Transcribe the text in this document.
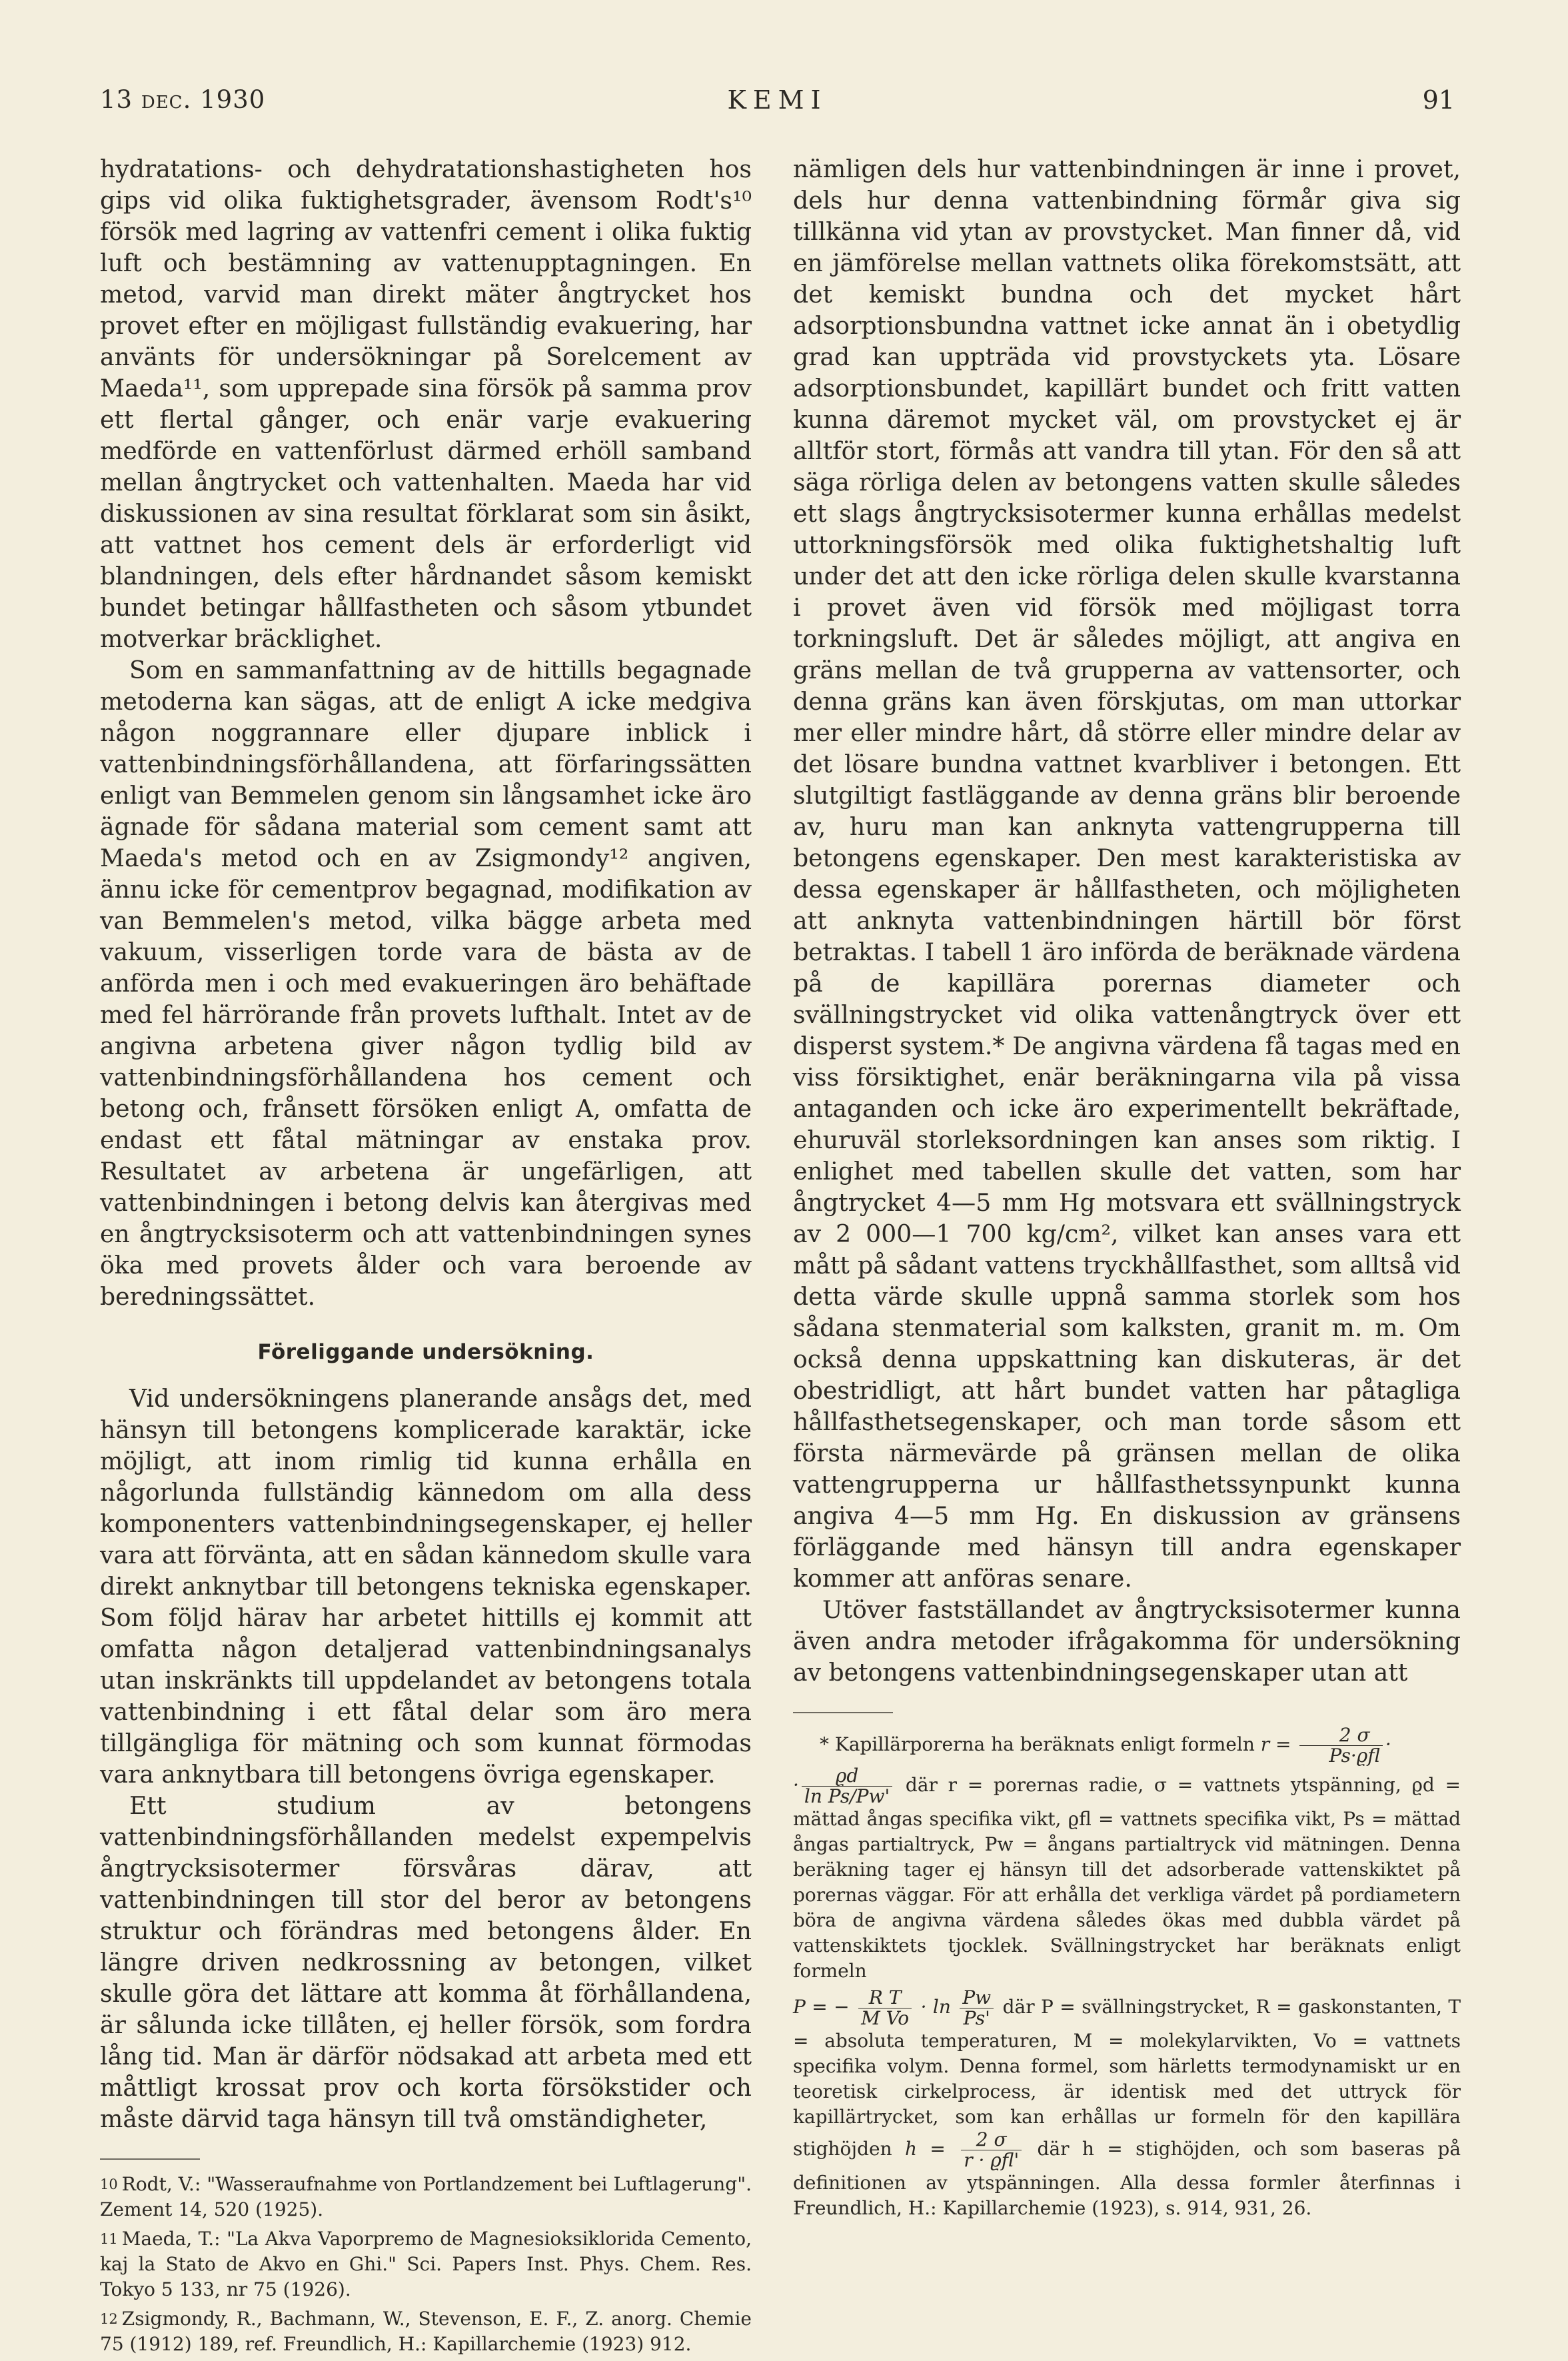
13 dec. 1930	KEMI	91

hydratations- och dehydratationshastigheten hos gips vid olika fuktighetsgrader, ävensom Rodt's¹⁰ försök med lagring av vattenfri cement i olika fuktig luft och bestämning av vattenupptagningen. En metod, varvid man direkt mäter ångtrycket hos provet efter en möjligast fullständig evakuering, har använts för undersökningar på Sorelcement av Maeda¹¹, som upprepade sina försök på samma prov ett flertal gånger, och enär varje evakuering medförde en vattenförlust därmed erhöll samband mellan ångtrycket och vattenhalten. Maeda har vid diskussionen av sina resultat förklarat som sin åsikt, att vattnet hos cement dels är erforderligt vid blandningen, dels efter hårdnandet såsom kemiskt bundet betingar hållfastheten och såsom ytbundet motverkar bräcklighet.

Som en sammanfattning av de hittills begagnade metoderna kan sägas, att de enligt A icke medgiva någon noggrannare eller djupare inblick i vattenbindningsförhållandena, att förfaringssätten enligt van Bemmelen genom sin långsamhet icke äro ägnade för sådana material som cement samt att Maeda's metod och en av Zsigmondy¹² angiven, ännu icke för cementprov begagnad, modifikation av van Bemmelen's metod, vilka bägge arbeta med vakuum, visserligen torde vara de bästa av de anförda men i och med evakueringen äro behäftade med fel härrörande från provets lufthalt. Intet av de angivna arbetena giver någon tydlig bild av vattenbindningsförhållandena hos cement och betong och, frånsett försöken enligt A, omfatta de endast ett fåtal mätningar av enstaka prov. Resultatet av arbetena är ungefärligen, att vattenbindningen i betong delvis kan återgivas med en ångtrycksisoterm och att vattenbindningen synes öka med provets ålder och vara beroende av beredningssättet.

Föreliggande undersökning.

Vid undersökningens planerande ansågs det, med hänsyn till betongens komplicerade karaktär, icke möjligt, att inom rimlig tid kunna erhålla en någorlunda fullständig kännedom om alla dess komponenters vattenbindningsegenskaper, ej heller vara att förvänta, att en sådan kännedom skulle vara direkt anknytbar till betongens tekniska egenskaper. Som följd härav har arbetet hittills ej kommit att omfatta någon detaljerad vattenbindningsanalys utan inskränkts till uppdelandet av betongens totala vattenbindning i ett fåtal delar som äro mera tillgängliga för mätning och som kunnat förmodas vara anknytbara till betongens övriga egenskaper.

Ett studium av betongens vattenbindningsförhållanden medelst expempelvis ångtrycksisotermer försvåras därav, att vattenbindningen till stor del beror av betongens struktur och förändras med betongens ålder. En längre driven nedkrossning av betongen, vilket skulle göra det lättare att komma åt förhållandena, är sålunda icke tillåten, ej heller försök, som fordra lång tid. Man är därför nödsakad att arbeta med ett måttligt krossat prov och korta försökstider och måste därvid taga hänsyn till två omständigheter,

10 Rodt, V.: "Wasseraufnahme von Portlandzement bei Luftlagerung". Zement 14, 520 (1925).
11 Maeda, T.: "La Akva Vaporpremo de Magnesioksiklorida Cemento, kaj la Stato de Akvo en Ghi." Sci. Papers Inst. Phys. Chem. Res. Tokyo 5 133, nr 75 (1926).
12 Zsigmondy, R., Bachmann, W., Stevenson, E. F., Z. anorg. Chemie 75 (1912) 189, ref. Freundlich, H.: Kapillarchemie (1923) 912.

nämligen dels hur vattenbindningen är inne i provet, dels hur denna vattenbindning förmår giva sig tillkänna vid ytan av provstycket. Man finner då, vid en jämförelse mellan vattnets olika förekomstsätt, att det kemiskt bundna och det mycket hårt adsorptionsbundna vattnet icke annat än i obetydlig grad kan uppträda vid provstyckets yta. Lösare adsorptionsbundet, kapillärt bundet och fritt vatten kunna däremot mycket väl, om provstycket ej är alltför stort, förmås att vandra till ytan. För den så att säga rörliga delen av betongens vatten skulle således ett slags ångtrycksisotermer kunna erhållas medelst uttorkningsförsök med olika fuktighetshaltig luft under det att den icke rörliga delen skulle kvarstanna i provet även vid försök med möjligast torra torkningsluft. Det är således möjligt, att angiva en gräns mellan de två grupperna av vattensorter, och denna gräns kan även förskjutas, om man uttorkar mer eller mindre hårt, då större eller mindre delar av det lösare bundna vattnet kvarbliver i betongen. Ett slutgiltigt fastläggande av denna gräns blir beroende av, huru man kan anknyta vattengrupperna till betongens egenskaper. Den mest karakteristiska av dessa egenskaper är hållfastheten, och möjligheten att anknyta vattenbindningen härtill bör först betraktas. I tabell 1 äro införda de beräknade värdena på de kapillära porernas diameter och svällningstrycket vid olika vattenångtryck över ett disperst system.* De angivna värdena få tagas med en viss försiktighet, enär beräkningarna vila på vissa antaganden och icke äro experimentellt bekräftade, ehuruväl storleksordningen kan anses som riktig. I enlighet med tabellen skulle det vatten, som har ångtrycket 4—5 mm Hg motsvara ett svällningstryck av 2 000—1 700 kg/cm², vilket kan anses vara ett mått på sådant vattens tryckhållfasthet, som alltså vid detta värde skulle uppnå samma storlek som hos sådana stenmaterial som kalksten, granit m. m. Om också denna uppskattning kan diskuteras, är det obestridligt, att hårt bundet vatten har påtagliga hållfasthetsegenskaper, och man torde såsom ett första närmevärde på gränsen mellan de olika vattengrupperna ur hållfasthetssynpunkt kunna angiva 4—5 mm Hg. En diskussion av gränsens förläggande med hänsyn till andra egenskaper kommer att anföras senare.

Utöver fastställandet av ångtrycksisotermer kunna även andra metoder ifrågakomma för undersökning av betongens vattenbindningsegenskaper utan att

* Kapillärporerna ha beräknats enligt formeln $r = \frac{2 \sigma}{\text{Ps·ϱfl}}$ ·

· $\frac{ϱd}{\text{ln Ps/Pw'}}$ där r = porernas radie, σ = vattnets ytspänning, ϱd = mättad ångas specifika vikt, ϱfl = vattnets specifika vikt, Ps = mättad ångas partialtryck, Pw = ångans partialtryck vid mätningen. Denna beräkning tager ej hänsyn till det adsorberade vattenskiktet på porernas väggar. För att erhålla det verkliga värdet på pordiametern böra de angivna värdena således ökas med dubbla värdet på vattenskiktets tjocklek. Svällningstrycket har beräknats enligt formeln

P = − $\frac{\text{R T}}{\text{M Vo}} \cdot \ln \frac{Pw}{Ps'}$ där P = svällningstrycket, R = gaskonstanten, T = absoluta temperaturen, M = molekylarvikten, Vo = vattnets specifika volym. Denna formel, som härletts termodynamiskt ur en teoretisk cirkelprocess, är identisk med det uttryck för kapillärtrycket, som kan erhållas ur formeln för den kapillära stighöjden $h = \frac{2 \sigma}{\text{r · ϱfl'}}$ där h = stighöjden, och som baseras på definitionen av ytspänningen. Alla dessa formler återfinnas i Freundlich, H.: Kapillarchemie (1923), s. 914, 931, 26.
